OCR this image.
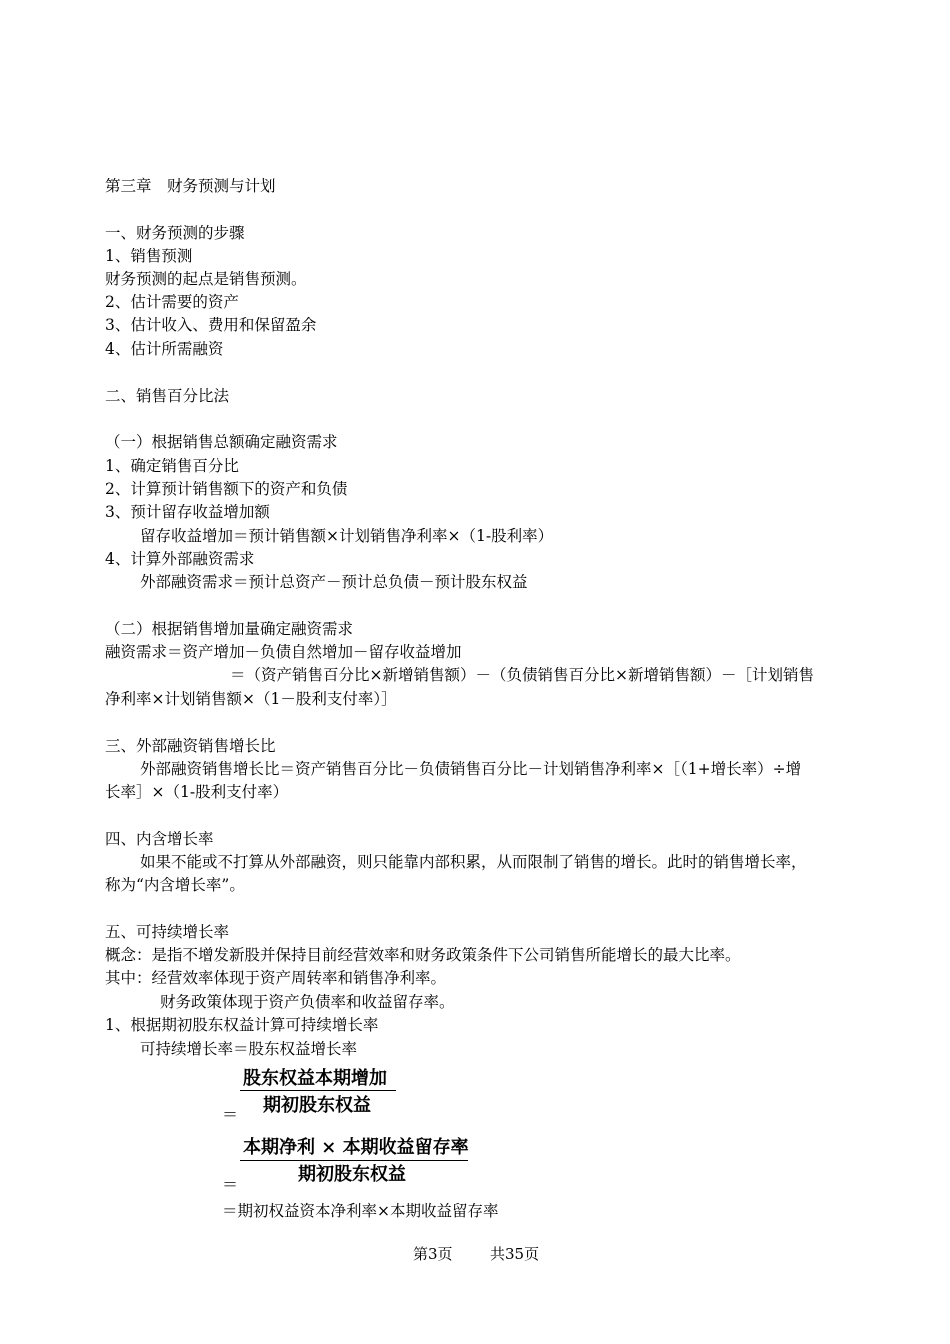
第三章　财务预测与计划

一、财务预测的步骤

1、销售预测

财务预测的起点是销售预测。

2、估计需要的资产

3、估计收入、费用和保留盈余

4、估计所需融资

二、销售百分比法

（一）根据销售总额确定融资需求

1、确定销售百分比

2、计算预计销售额下的资产和负债

3、预计留存收益增加额

留存收益增加＝预计销售额×计划销售净利率×（1-股利率）

4、计算外部融资需求

外部融资需求＝预计总资产－预计总负债－预计股东权益

（二）根据销售增加量确定融资需求

融资需求＝资产增加－负债自然增加－留存收益增加

＝（资产销售百分比×新增销售额）－（负债销售百分比×新增销售额）－［计划销售

净利率×计划销售额×（1－股利支付率）］

三、外部融资销售增长比

外部融资销售增长比＝资产销售百分比－负债销售百分比－计划销售净利率×［（1+增长率）÷增

长率］×（1-股利支付率）

四、内含增长率

如果不能或不打算从外部融资，则只能靠内部积累，从而限制了销售的增长。此时的销售增长率，

称为“内含增长率”。

五、可持续增长率

概念：是指不增发新股并保持目前经营效率和财务政策条件下公司销售所能增长的最大比率。

其中：经营效率体现于资产周转率和销售净利率。

财务政策体现于资产负债率和收益留存率。

1、根据期初股东权益计算可持续增长率

可持续增长率＝股东权益增长率

股东权益本期增加
期初股东权益
＝
本期净利 × 本期收益留存率
期初股东权益
＝

＝期初权益资本净利率×本期收益留存率

第3页 共35页
